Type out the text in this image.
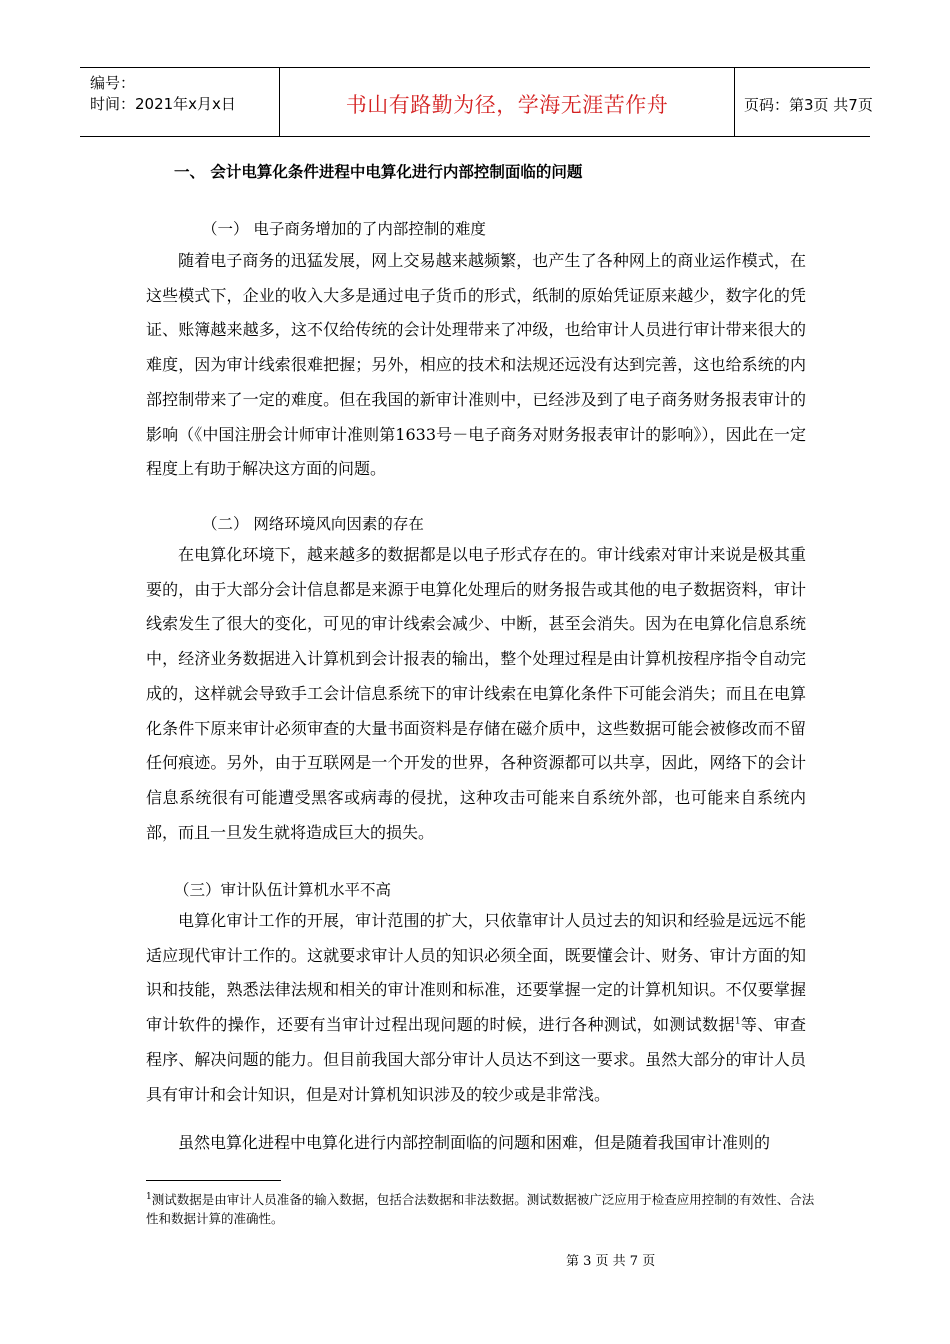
编号：
时间：2021年x月x日	书山有路勤为径，学海无涯苦作舟	页码：第3页 共7页
一、 会计电算化条件进程中电算化进行内部控制面临的问题
（一） 电子商务增加的了内部控制的难度

随着电子商务的迅猛发展，网上交易越来越频繁，也产生了各种网上的商业运作模式，在这些模式下，企业的收入大多是通过电子货币的形式，纸制的原始凭证原来越少，数字化的凭证、账簿越来越多，这不仅给传统的会计处理带来了冲级，也给审计人员进行审计带来很大的难度，因为审计线索很难把握；另外，相应的技术和法规还远没有达到完善，这也给系统的内部控制带来了一定的难度。但在我国的新审计准则中，已经涉及到了电子商务财务报表审计的影响（《中国注册会计师审计准则第1633号－电子商务对财务报表审计的影响》），因此在一定程度上有助于解决这方面的问题。

（二） 网络环境风向因素的存在

在电算化环境下，越来越多的数据都是以电子形式存在的。审计线索对审计来说是极其重要的，由于大部分会计信息都是来源于电算化处理后的财务报告或其他的电子数据资料，审计线索发生了很大的变化，可见的审计线索会减少、中断，甚至会消失。因为在电算化信息系统中，经济业务数据进入计算机到会计报表的输出，整个处理过程是由计算机按程序指令自动完成的，这样就会导致手工会计信息系统下的审计线索在电算化条件下可能会消失；而且在电算化条件下原来审计必须审查的大量书面资料是存储在磁介质中，这些数据可能会被修改而不留任何痕迹。另外，由于互联网是一个开发的世界，各种资源都可以共享，因此，网络下的会计信息系统很有可能遭受黑客或病毒的侵扰，这种攻击可能来自系统外部，也可能来自系统内部，而且一旦发生就将造成巨大的损失。

（三）审计队伍计算机水平不高

电算化审计工作的开展，审计范围的扩大，只依靠审计人员过去的知识和经验是远远不能适应现代审计工作的。这就要求审计人员的知识必须全面，既要懂会计、财务、审计方面的知识和技能，熟悉法律法规和相关的审计准则和标准，还要掌握一定的计算机知识。不仅要掌握审计软件的操作，还要有当审计过程出现问题的时候，进行各种测试，如测试数据$^1$等、审查程序、解决问题的能力。但目前我国大部分审计人员达不到这一要求。虽然大部分的审计人员具有审计和会计知识，但是对计算机知识涉及的较少或是非常浅。

虽然电算化进程中电算化进行内部控制面临的问题和困难，但是随着我国审计准则的

$^1$测试数据是由审计人员准备的输入数据，包括合法数据和非法数据。测试数据被广泛应用于检查应用控制的有效性、合法性和数据计算的准确性。

第 3 页 共 7 页
